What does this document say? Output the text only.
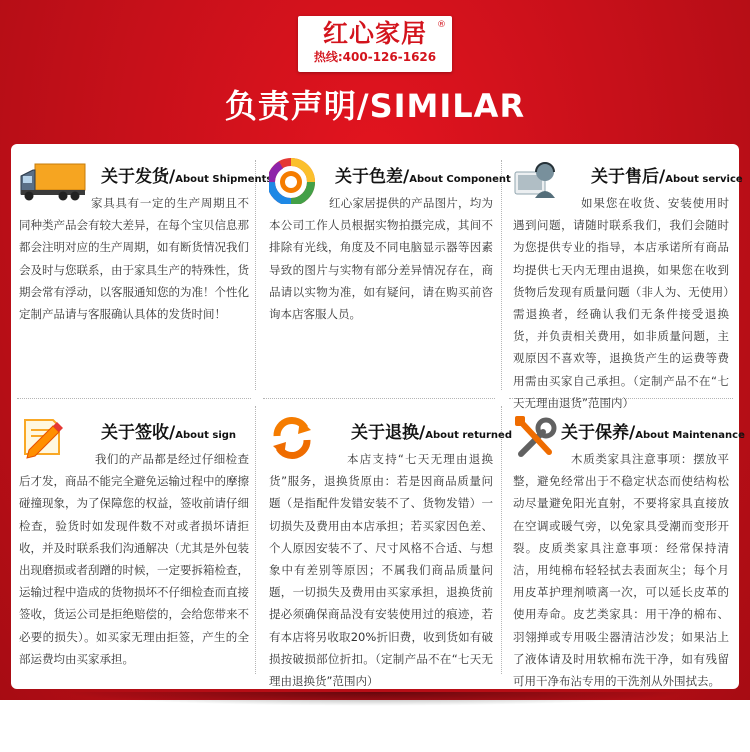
红心家居	®
热线:400-126-1626
负责声明/SIMILAR
关于发货/About Shipments
家具具有一定的生产周期且不同种类产品会有较大差异，在每个宝贝信息那都会注明对应的生产周期，如有断货情况我们会及时与您联系，由于家具生产的特殊性，货期会常有浮动，以客服通知您的为准！个性化定制产品请与客服确认具体的发货时间！
关于色差/About Component
红心家居提供的产品图片，均为本公司工作人员根据实物拍摄完成，其间不排除有光线，角度及不同电脑显示器等因素导致的图片与实物有部分差异情况存在，商品请以实物为准，如有疑问，请在购买前咨询本店客服人员。
关于售后/About service
如果您在收货、安装使用时遇到问题，请随时联系我们，我们会随时为您提供专业的指导，本店承诺所有商品均提供七天内无理由退换，如果您在收到货物后发现有质量问题（非人为、无使用）需退换者，经确认我们无条件接受退换货，并负责相关费用，如非质量问题，主观原因不喜欢等，退换货产生的运费等费用需由买家自己承担。（定制产品不在“七天无理由退货”范围内）
关于签收/About sign
我们的产品都是经过仔细检查后才发，商品不能完全避免运输过程中的摩擦碰撞现象，为了保障您的权益，签收前请仔细检查，验货时如发现件数不对或者损坏请拒收，并及时联系我们沟通解决（尤其是外包装出现磨损或者刮蹭的时候，一定要拆箱检查，运输过程中造成的货物损坏不仔细检查而直接签收，货运公司是拒绝赔偿的，会给您带来不必要的损失）。如买家无理由拒签，产生的全部运费均由买家承担。
关于退换/About returned
本店支持“七天无理由退换货”服务，退换货原由：若是因商品质量问题（是指配件发错安装不了、货物发错）一切损失及费用由本店承担；若买家因色差、个人原因安装不了、尺寸风格不合适、与想象中有差别等原因；不属我们商品质量问题，一切损失及费用由买家承担，退换货前提必须确保商品没有安装使用过的痕迹，若有本店将另收取20%折旧费，收到货如有破损按破损部位折扣。（定制产品不在“七天无理由退换货”范围内）
关于保养/About Maintenance
木质类家具注意事项：摆放平整，避免经常出于不稳定状态而使结构松动尽量避免阳光直射，不要将家具直接放在空调或暖气旁，以免家具受潮而变形开裂。皮质类家具注意事项：经常保持清洁，用纯棉布轻轻拭去表面灰尘；每个月用皮革护理剂喷离一次，可以延长皮革的使用寿命。皮艺类家具：用干净的棉布、羽翎掸或专用吸尘器清洁沙发；如果沾上了液体请及时用软棉布洗干净，如有残留可用干净布沾专用的干洗剂从外围拭去。
